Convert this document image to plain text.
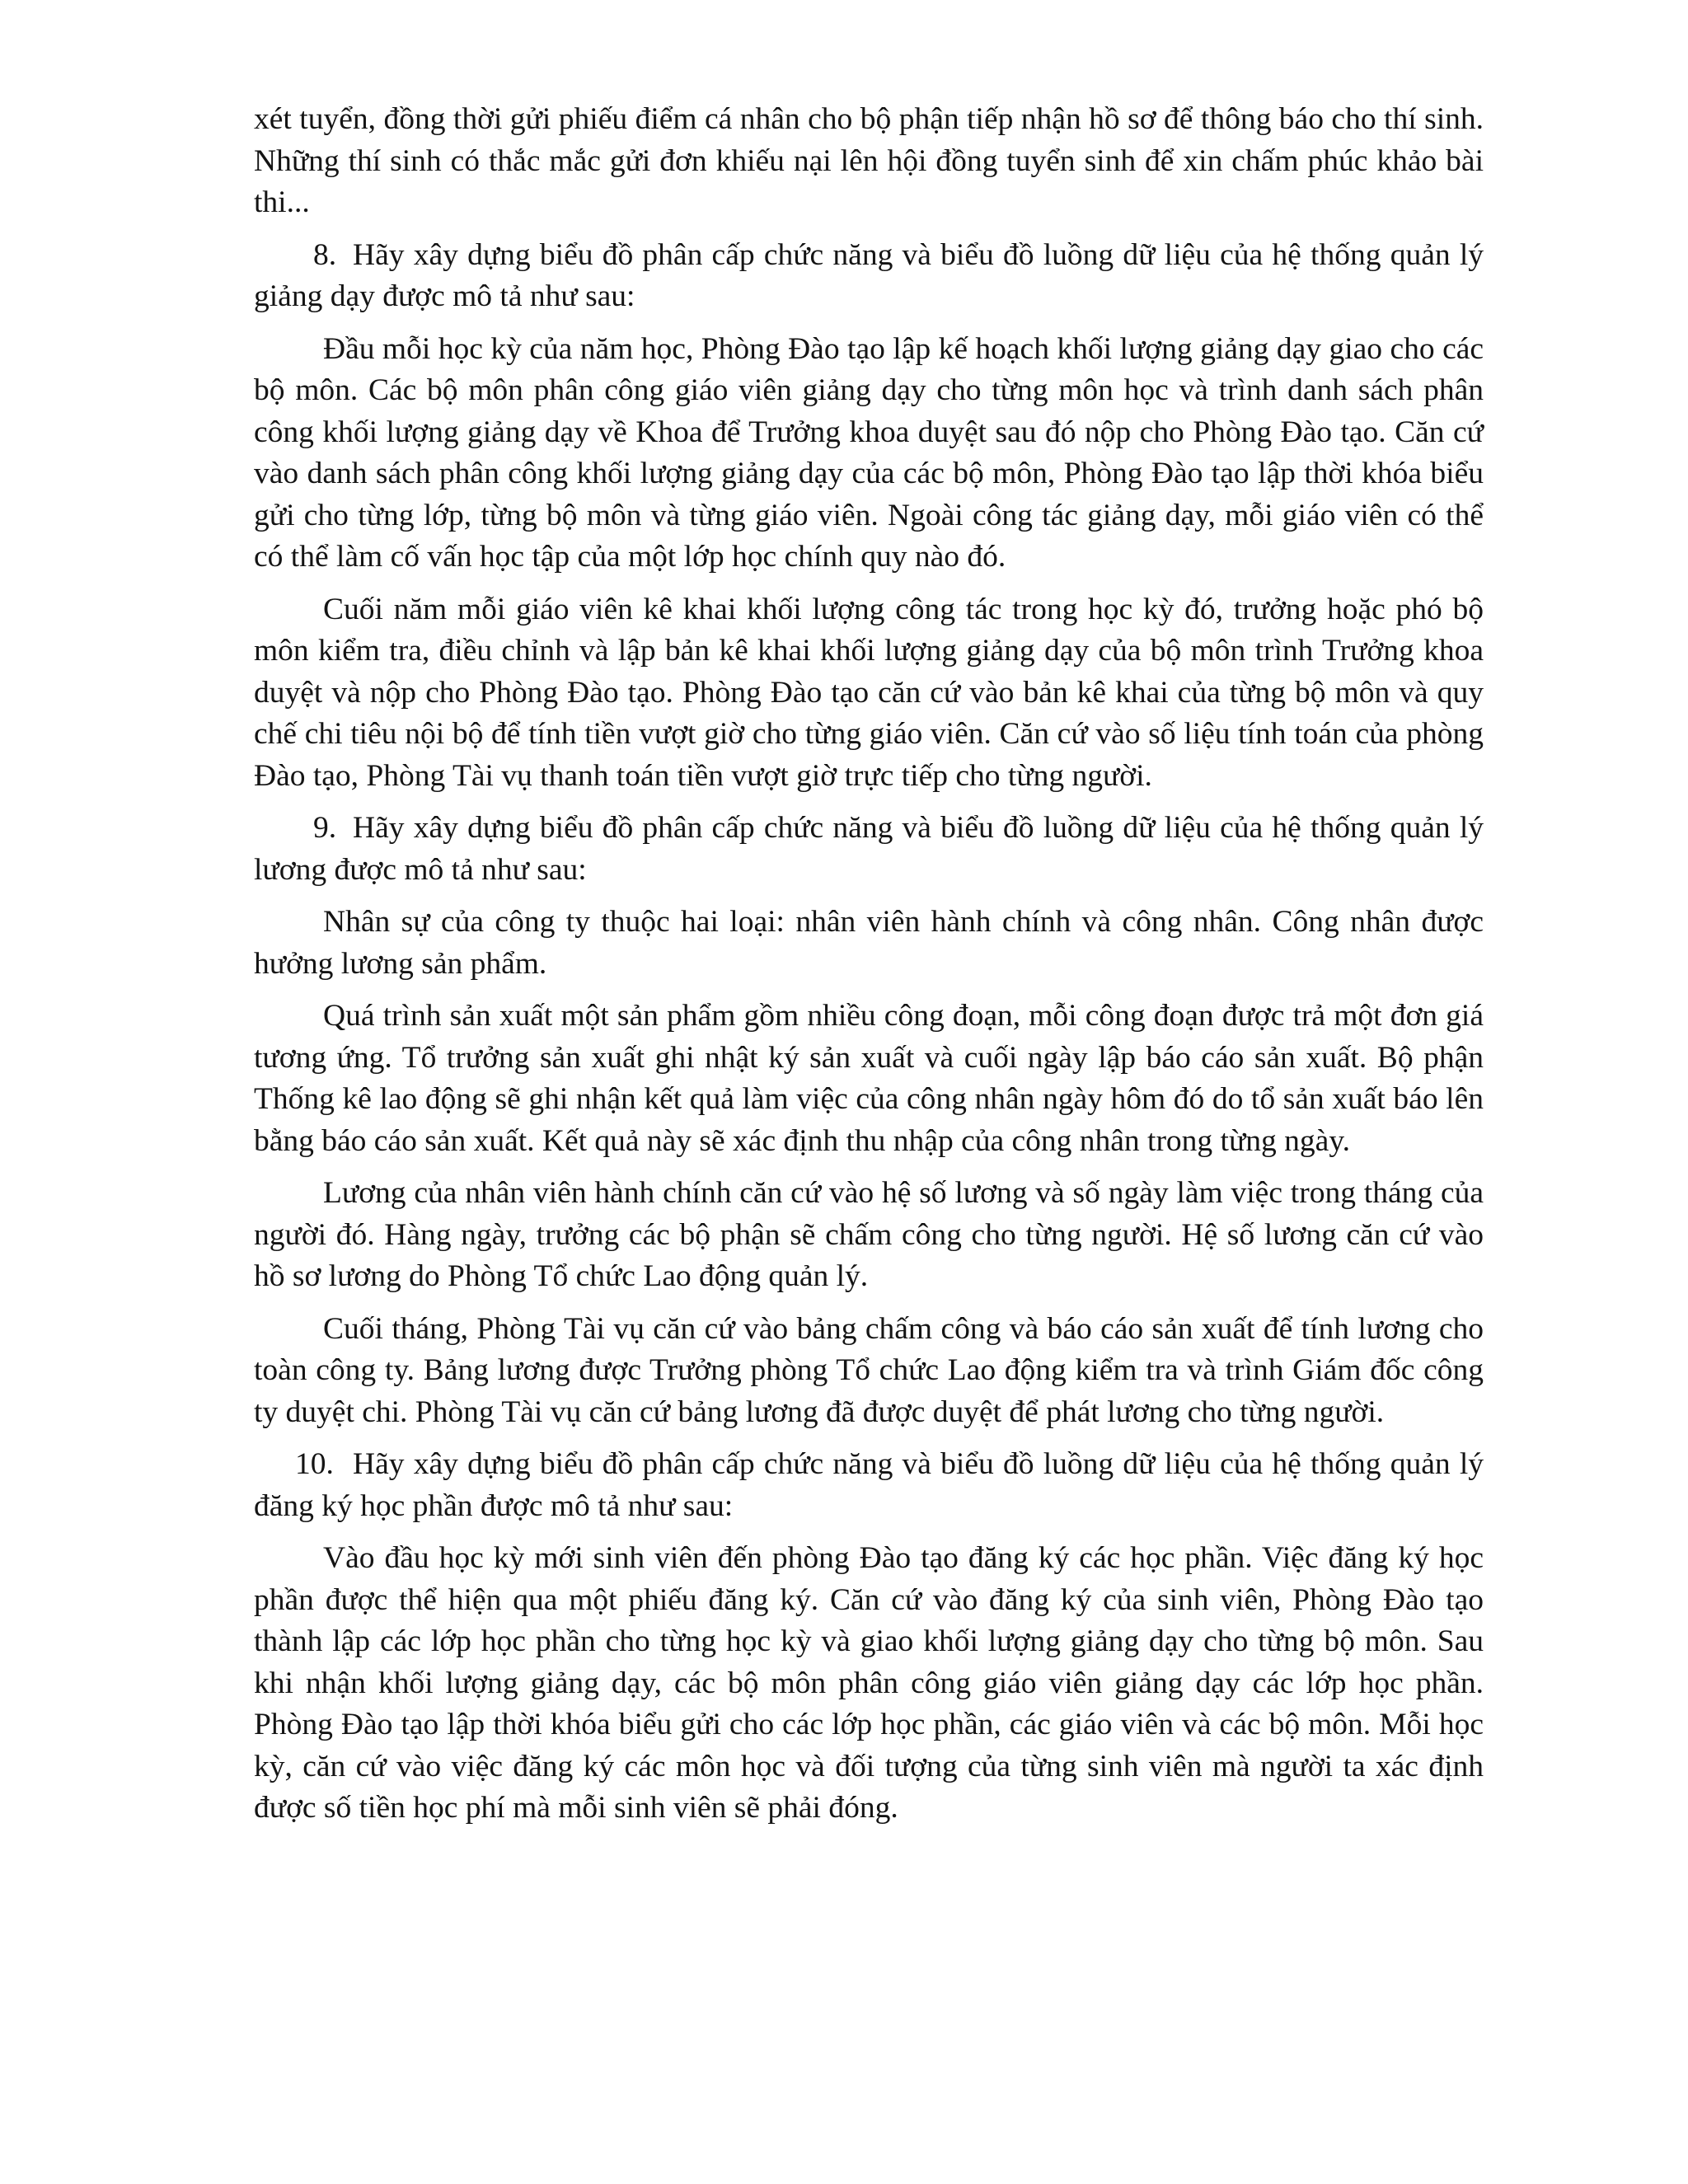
xét tuyển, đồng thời gửi phiếu điểm cá nhân cho bộ phận tiếp nhận hồ sơ để thông báo cho thí sinh. Những thí sinh có thắc mắc gửi đơn khiếu nại lên hội đồng tuyển sinh để xin chấm phúc khảo bài thi...

8. Hãy xây dựng biểu đồ phân cấp chức năng và biểu đồ luồng dữ liệu của hệ thống quản lý giảng dạy được mô tả như sau:

Đầu mỗi học kỳ của năm học, Phòng Đào tạo lập kế hoạch khối lượng giảng dạy giao cho các bộ môn. Các bộ môn phân công giáo viên giảng dạy cho từng môn học và trình danh sách phân công khối lượng giảng dạy về Khoa để Trưởng khoa duyệt sau đó nộp cho Phòng Đào tạo. Căn cứ vào danh sách phân công khối lượng giảng dạy của các bộ môn, Phòng Đào tạo lập thời khóa biểu gửi cho từng lớp, từng bộ môn và từng giáo viên. Ngoài công tác giảng dạy, mỗi giáo viên có thể có thể làm cố vấn học tập của một lớp học chính quy nào đó.

Cuối năm mỗi giáo viên kê khai khối lượng công tác trong học kỳ đó, trưởng hoặc phó bộ môn kiểm tra, điều chỉnh và lập bản kê khai khối lượng giảng dạy của bộ môn trình Trưởng khoa duyệt và nộp cho Phòng Đào tạo. Phòng Đào tạo căn cứ vào bản kê khai của từng bộ môn và quy chế chi tiêu nội bộ để tính tiền vượt giờ cho từng giáo viên. Căn cứ vào số liệu tính toán của phòng Đào tạo, Phòng Tài vụ thanh toán tiền vượt giờ trực tiếp cho từng người.

9. Hãy xây dựng biểu đồ phân cấp chức năng và biểu đồ luồng dữ liệu của hệ thống quản lý lương được mô tả như sau:

Nhân sự của công ty thuộc hai loại: nhân viên hành chính và công nhân. Công nhân được hưởng lương sản phẩm.

Quá trình sản xuất một sản phẩm gồm nhiều công đoạn, mỗi công đoạn được trả một đơn giá tương ứng. Tổ trưởng sản xuất ghi nhật ký sản xuất và cuối ngày lập báo cáo sản xuất. Bộ phận Thống kê lao động sẽ ghi nhận kết quả làm việc của công nhân ngày hôm đó do tổ sản xuất báo lên bằng báo cáo sản xuất. Kết quả này sẽ xác định thu nhập của công nhân trong từng ngày.

Lương của nhân viên hành chính căn cứ vào hệ số lương và số ngày làm việc trong tháng của người đó. Hàng ngày, trưởng các bộ phận sẽ chấm công cho từng người. Hệ số lương căn cứ vào hồ sơ lương do Phòng Tổ chức Lao động quản lý.

Cuối tháng, Phòng Tài vụ căn cứ vào bảng chấm công và báo cáo sản xuất để tính lương cho toàn công ty. Bảng lương được Trưởng phòng Tổ chức Lao động kiểm tra và trình Giám đốc công ty duyệt chi. Phòng Tài vụ căn cứ bảng lương đã được duyệt để phát lương cho từng người.

10. Hãy xây dựng biểu đồ phân cấp chức năng và biểu đồ luồng dữ liệu của hệ thống quản lý đăng ký học phần được mô tả như sau:

Vào đầu học kỳ mới sinh viên đến phòng Đào tạo đăng ký các học phần. Việc đăng ký học phần được thể hiện qua một phiếu đăng ký. Căn cứ vào đăng ký của sinh viên, Phòng Đào tạo thành lập các lớp học phần cho từng học kỳ và giao khối lượng giảng dạy cho từng bộ môn. Sau khi nhận khối lượng giảng dạy, các bộ môn phân công giáo viên giảng dạy các lớp học phần. Phòng Đào tạo lập thời khóa biểu gửi cho các lớp học phần, các giáo viên và các bộ môn. Mỗi học kỳ, căn cứ vào việc đăng ký các môn học và đối tượng của từng sinh viên mà người ta xác định được số tiền học phí mà mỗi sinh viên sẽ phải đóng.
